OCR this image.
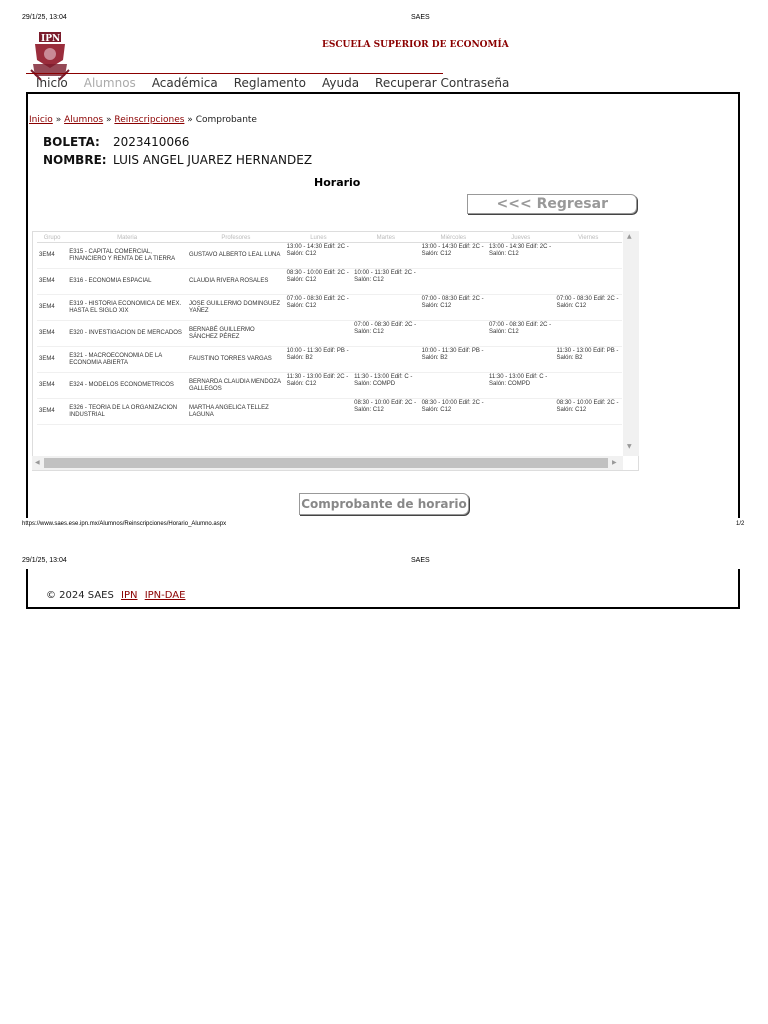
29/1/25, 13:04	SAES
IPN
ESCUELA SUPERIOR DE ECONOMÍA
Inicio Alumnos Académica Reglamento Ayuda Recuperar Contraseña
Inicio » Alumnos » Reinscripciones » Comprobante
BOLETA: 2023410066
NOMBRE: LUIS ANGEL JUAREZ HERNANDEZ
Horario
<<< Regresar
Grupo	Materia	Profesores	Lunes	Martes	Miércoles	Jueves	Viernes
3EM4	E315 - CAPITAL COMERCIAL, FINANCIERO Y RENTA DE LA TIERRA	GUSTAVO ALBERTO LEAL LUNA	13:00 - 14:30 Edif: 2C - Salón: C12		13:00 - 14:30 Edif: 2C - Salón: C12	13:00 - 14:30 Edif: 2C - Salón: C12	
3EM4	E316 - ECONOMIA ESPACIAL	CLAUDIA RIVERA ROSALES	08:30 - 10:00 Edif: 2C - Salón: C12	10:00 - 11:30 Edif: 2C - Salón: C12			
3EM4	E319 - HISTORIA ECONOMICA DE MEX. HASTA EL SIGLO XIX	JOSE GUILLERMO DOMINGUEZ YAÑEZ	07:00 - 08:30 Edif: 2C - Salón: C12		07:00 - 08:30 Edif: 2C - Salón: C12		07:00 - 08:30 Edif: 2C - Salón: C12
3EM4	E320 - INVESTIGACION DE MERCADOS	BERNABÉ GUILLERMO SÁNCHEZ PÉREZ		07:00 - 08:30 Edif: 2C - Salón: C12		07:00 - 08:30 Edif: 2C - Salón: C12	
3EM4	E321 - MACROECONOMIA DE LA ECONOMIA ABIERTA	FAUSTINO TORRES VARGAS	10:00 - 11:30 Edif: PB - Salón: B2		10:00 - 11:30 Edif: PB - Salón: B2		11:30 - 13:00 Edif: PB - Salón: B2
3EM4	E324 - MODELOS ECONOMETRICOS	BERNARDA CLAUDIA MENDOZA GALLEGOS	11:30 - 13:00 Edif: 2C - Salón: C12	11:30 - 13:00 Edif: C - Salón: COMPD		11:30 - 13:00 Edif: C - Salón: COMPD	
3EM4	E326 - TEORIA DE LA ORGANIZACION INDUSTRIAL	MARTHA ANGELICA TELLEZ LAGUNA		08:30 - 10:00 Edif: 2C - Salón: C12	08:30 - 10:00 Edif: 2C - Salón: C12		08:30 - 10:00 Edif: 2C - Salón: C12
▲
▼
◀	▶
Comprobante de horario
https://www.saes.ese.ipn.mx/Alumnos/Reinscripciones/Horario_Alumno.aspx	1/2
29/1/25, 13:04	SAES
© 2024 SAES IPN IPN-DAE
